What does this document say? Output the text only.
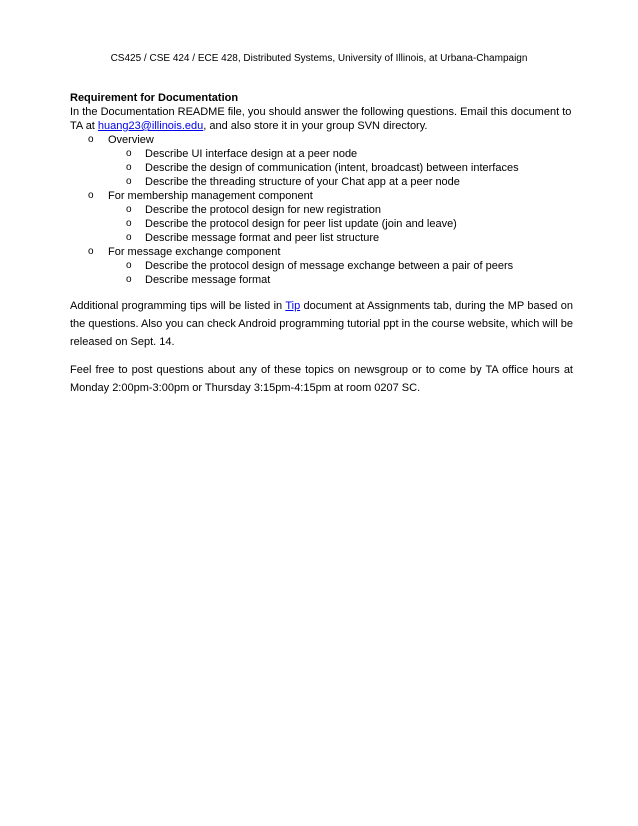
CS425 / CSE 424 / ECE 428, Distributed Systems, University of Illinois, at Urbana-Champaign

Requirement for Documentation

In the Documentation README file, you should answer the following questions. Email this document to TA at huang23@illinois.edu, and also store it in your group SVN directory.

o Overview
o Describe UI interface design at a peer node
o Describe the design of communication (intent, broadcast) between interfaces
o Describe the threading structure of your Chat app at a peer node
o For membership management component
o Describe the protocol design for new registration
o Describe the protocol design for peer list update (join and leave)
o Describe message format and peer list structure
o For message exchange component
o Describe the protocol design of message exchange between a pair of peers
o Describe message format

Additional programming tips will be listed in Tip document at Assignments tab, during the MP based on the questions. Also you can check Android programming tutorial ppt in the course website, which will be released on Sept. 14.

Feel free to post questions about any of these topics on newsgroup or to come by TA office hours at Monday 2:00pm-3:00pm or Thursday 3:15pm-4:15pm at room 0207 SC.
